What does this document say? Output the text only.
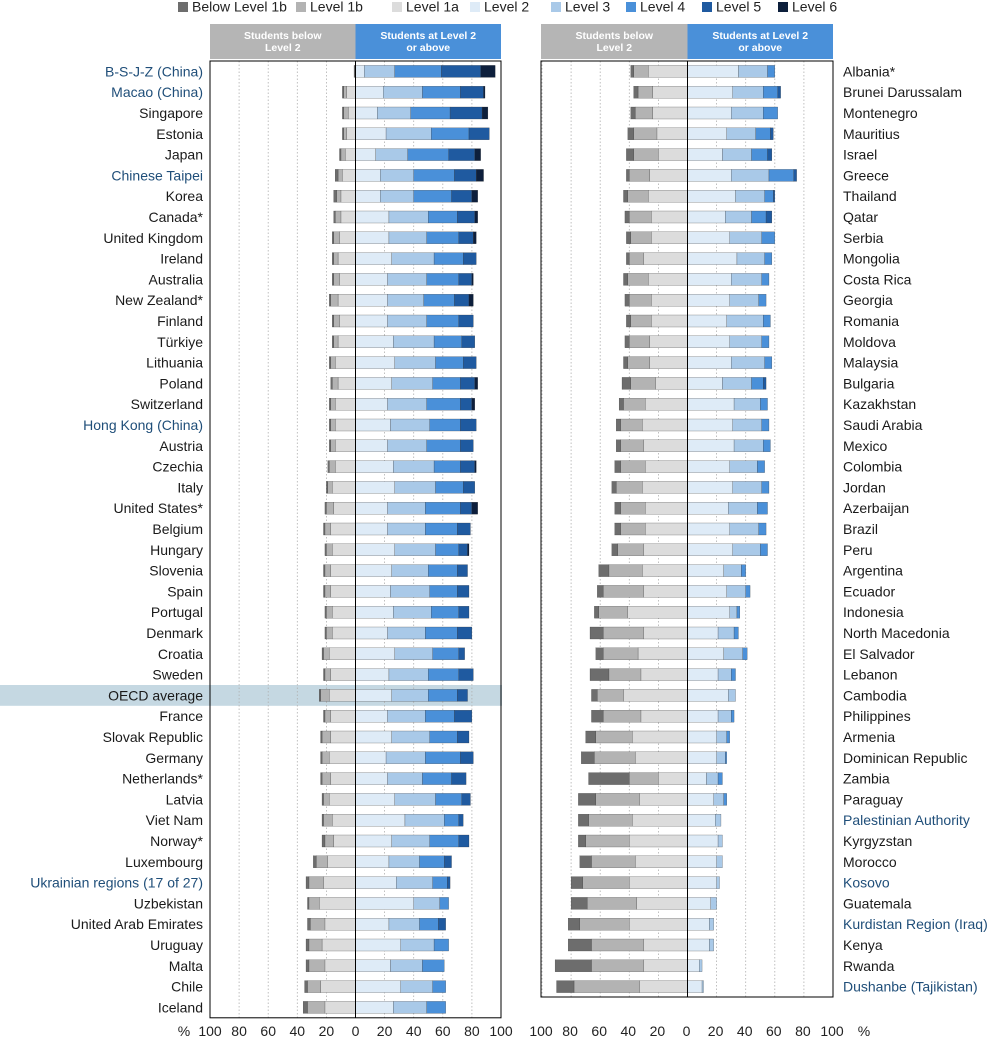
Below Level 1b Level 1b	Level 1a Level 2	Level 3 Level 4 Level 5 Level 6
Students below
Level 2
Students at Level 2
or above
B-S-J-Z (China)
Macao (China)
Singapore
Estonia
Japan
Chinese Taipei
Korea
Canada*
United Kingdom
Ireland
Australia
New Zealand*
Finland
Türkiye
Lithuania
Poland
Switzerland
Hong Kong (China)
Austria
Czechia
Italy
United States*
Belgium
Hungary
Slovenia
Spain
Portugal
Denmark
Croatia
Sweden
OECD average
France
Slovak Republic
Germany
Netherlands*
Latvia
Viet Nam
Norway*
Luxembourg
Ukrainian regions (17 of 27)
Uzbekistan
United Arab Emirates
Uruguay
Malta
Chile
Iceland
100 80 60 40 20 0 20 40 60 80 100
Students below
Level 2
Students at Level 2
or above
Albania*
Brunei Darussalam
Montenegro
Mauritius
Israel
Greece
Thailand
Qatar
Serbia
Mongolia
Costa Rica
Georgia
Romania
Moldova
Malaysia
Bulgaria
Kazakhstan
Saudi Arabia
Mexico
Colombia
Jordan
Azerbaijan
Brazil
Peru
Argentina
Ecuador
Indonesia
North Macedonia
El Salvador
Lebanon
Cambodia
Philippines
Armenia
Dominican Republic
Zambia
Paraguay
Palestinian Authority
Kyrgyzstan
Morocco
Kosovo
Guatemala
Kurdistan Region (Iraq)
Kenya
Rwanda
Dushanbe (Tajikistan)
100 80 60 40 20 0 20 40 60 80 100
%	%
